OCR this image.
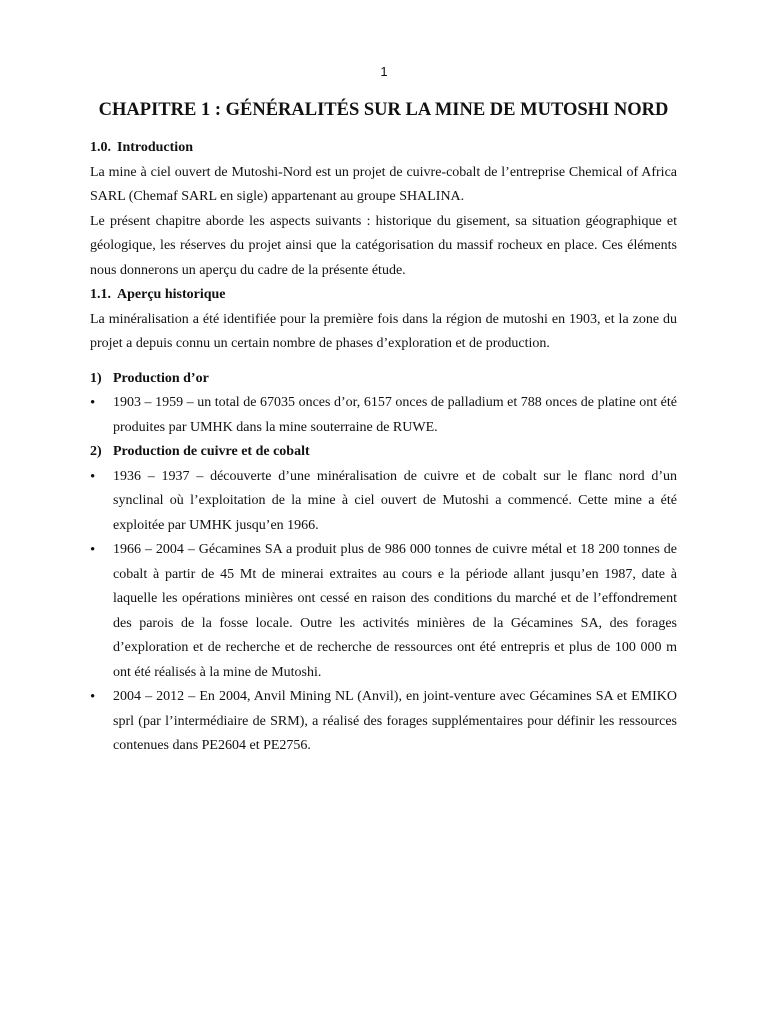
1
CHAPITRE 1 : GÉNÉRALITÉS SUR LA MINE DE MUTOSHI NORD
1.0. Introduction

La mine à ciel ouvert de Mutoshi-Nord est un projet de cuivre-cobalt de l’entreprise Chemical of Africa SARL (Chemaf SARL en sigle) appartenant au groupe SHALINA.

Le présent chapitre aborde les aspects suivants : historique du gisement, sa situation géographique et géologique, les réserves du projet ainsi que la catégorisation du massif rocheux en place. Ces éléments nous donnerons un aperçu du cadre de la présente étude.

1.1. Aperçu historique

La minéralisation a été identifiée pour la première fois dans la région de mutoshi en 1903, et la zone du projet a depuis connu un certain nombre de phases d’exploration et de production.

1) Production d’or
• 1903 – 1959 – un total de 67035 onces d’or, 6157 onces de palladium et 788 onces de platine ont été produites par UMHK dans la mine souterraine de RUWE.
2) Production de cuivre et de cobalt
• 1936 – 1937 – découverte d’une minéralisation de cuivre et de cobalt sur le flanc nord d’un synclinal où l’exploitation de la mine à ciel ouvert de Mutoshi a commencé. Cette mine a été exploitée par UMHK jusqu’en 1966.
• 1966 – 2004 – Gécamines SA a produit plus de 986 000 tonnes de cuivre métal et 18 200 tonnes de cobalt à partir de 45 Mt de minerai extraites au cours e la période allant jusqu’en 1987, date à laquelle les opérations minières ont cessé en raison des conditions du marché et de l’effondrement des parois de la fosse locale. Outre les activités minières de la Gécamines SA, des forages d’exploration et de recherche et de recherche de ressources ont été entrepris et plus de 100 000 m ont été réalisés à la mine de Mutoshi.
• 2004 – 2012 – En 2004, Anvil Mining NL (Anvil), en joint-venture avec Gécamines SA et EMIKO sprl (par l’intermédiaire de SRM), a réalisé des forages supplémentaires pour définir les ressources contenues dans PE2604 et PE2756.
